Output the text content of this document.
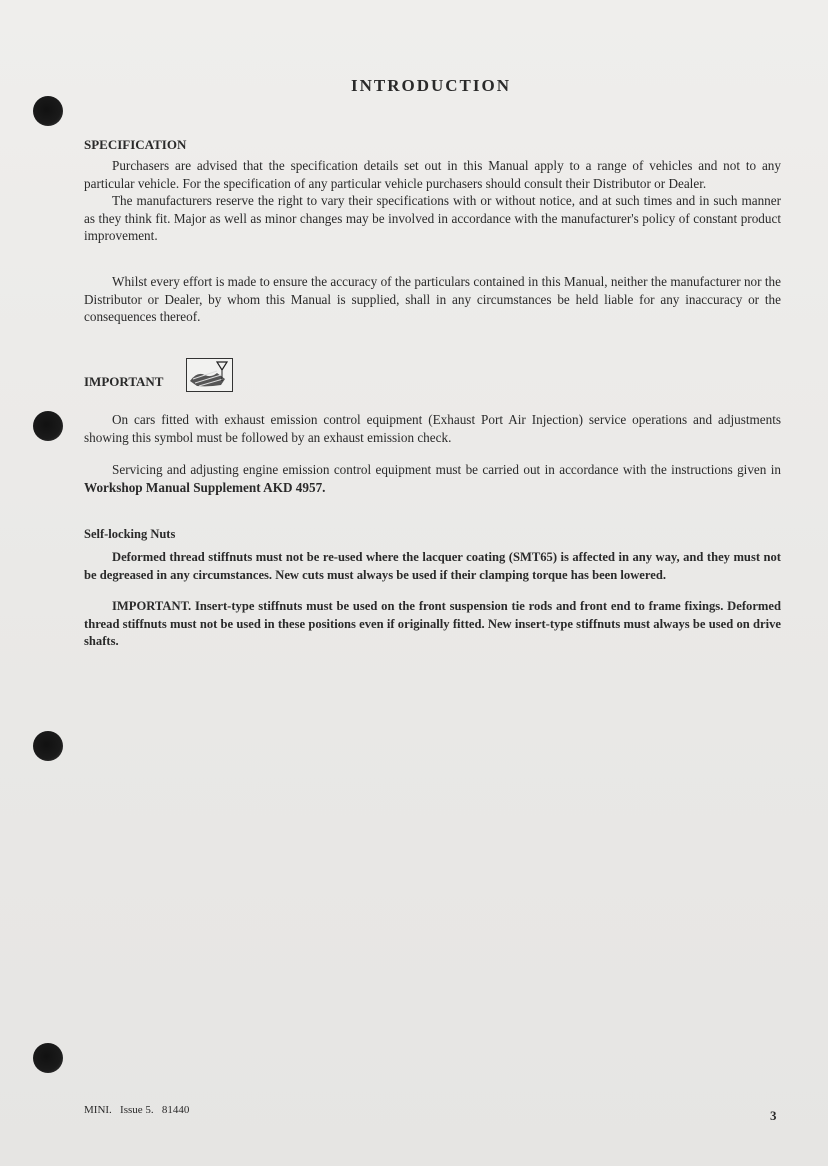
INTRODUCTION
SPECIFICATION

Purchasers are advised that the specification details set out in this Manual apply to a range of vehicles and not to any particular vehicle. For the specification of any particular vehicle purchasers should consult their Distributor or Dealer.

The manufacturers reserve the right to vary their specifications with or without notice, and at such times and in such manner as they think fit. Major as well as minor changes may be involved in accordance with the manufacturer's policy of constant product improvement.

Whilst every effort is made to ensure the accuracy of the particulars contained in this Manual, neither the manufacturer nor the Distributor or Dealer, by whom this Manual is supplied, shall in any circumstances be held liable for any inaccuracy or the consequences thereof.

IMPORTANT

On cars fitted with exhaust emission control equipment (Exhaust Port Air Injection) service operations and adjustments showing this symbol must be followed by an exhaust emission check.

Servicing and adjusting engine emission control equipment must be carried out in accordance with the instructions given in Workshop Manual Supplement AKD 4957.

Self-locking Nuts

Deformed thread stiffnuts must not be re-used where the lacquer coating (SMT65) is affected in any way, and they must not be degreased in any circumstances. New cuts must always be used if their clamping torque has been lowered.

IMPORTANT. Insert-type stiffnuts must be used on the front suspension tie rods and front end to frame fixings. Deformed thread stiffnuts must not be used in these positions even if originally fitted. New insert-type stiffnuts must always be used on drive shafts.

MINI.   Issue 5.   81440	3
